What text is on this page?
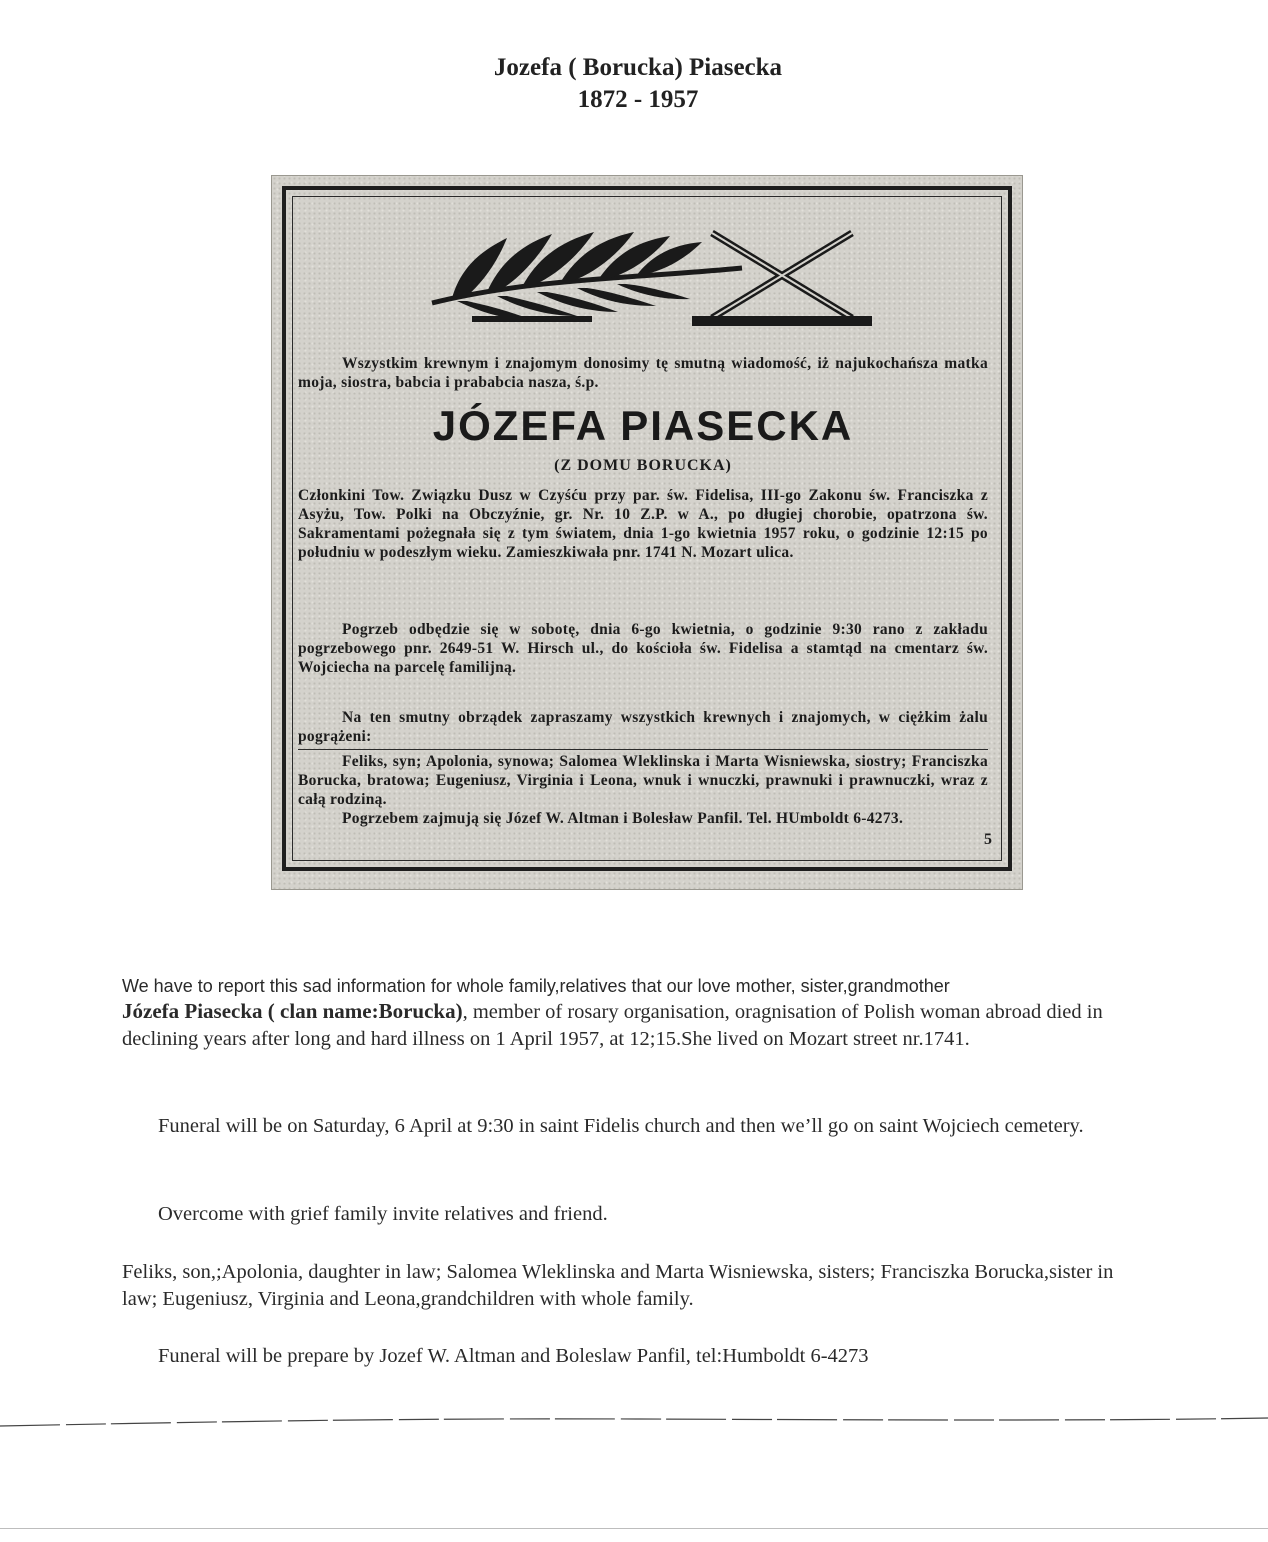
Jozefa ( Borucka) Piasecka
1872 - 1957
Wszystkim krewnym i znajomym donosimy tę smutną wiadomość, iż najukochańsza matka moja, siostra, babcia i prababcia nasza, ś.p.
JÓZEFA PIASECKA
(Z DOMU BORUCKA)
Członkini Tow. Związku Dusz w Czyśću przy par. św. Fidelisa, III-go Zakonu św. Franciszka z Asyżu, Tow. Polki na Obczyźnie, gr. Nr. 10 Z.P. w A., po długiej chorobie, opatrzona św. Sakramentami pożegnała się z tym światem, dnia 1-go kwietnia 1957 roku, o godzinie 12:15 po południu w podeszłym wieku. Zamieszkiwała pnr. 1741 N. Mozart ulica.
Pogrzeb odbędzie się w sobotę, dnia 6-go kwietnia, o godzinie 9:30 rano z zakładu pogrzebowego pnr. 2649-51 W. Hirsch ul., do kościoła św. Fidelisa a stamtąd na cmentarz św. Wojciecha na parcelę familijną.
Na ten smutny obrządek zapraszamy wszystkich krewnych i znajomych, w ciężkim żalu pogrążeni:
Feliks, syn; Apolonia, synowa; Salomea Wleklinska i Marta Wisniewska, siostry; Franciszka Borucka, bratowa; Eugeniusz, Virginia i Leona, wnuk i wnuczki, prawnuki i prawnuczki, wraz z całą rodziną.
Pogrzebem zajmują się Józef W. Altman i Bolesław Panfil. Tel. HUmboldt 6-4273.
5
We have to report this sad information for whole family,relatives that our love mother, sister,grandmother
Józefa Piasecka ( clan name:Borucka), member of rosary organisation, oragnisation of Polish woman abroad died in declining years after long and hard illness on 1 April 1957, at 12;15.She lived on Mozart street nr.1741.
Funeral will be on Saturday, 6 April at 9:30 in saint Fidelis church and then we’ll go on saint Wojciech cemetery.
Overcome with grief family invite relatives and friend.
Feliks, son,;Apolonia, daughter in law; Salomea Wleklinska and Marta Wisniewska, sisters; Franciszka Borucka,sister in law; Eugeniusz, Virginia and Leona,grandchildren with whole family.
Funeral will be prepare by Jozef W. Altman and Boleslaw Panfil, tel:Humboldt 6-4273
